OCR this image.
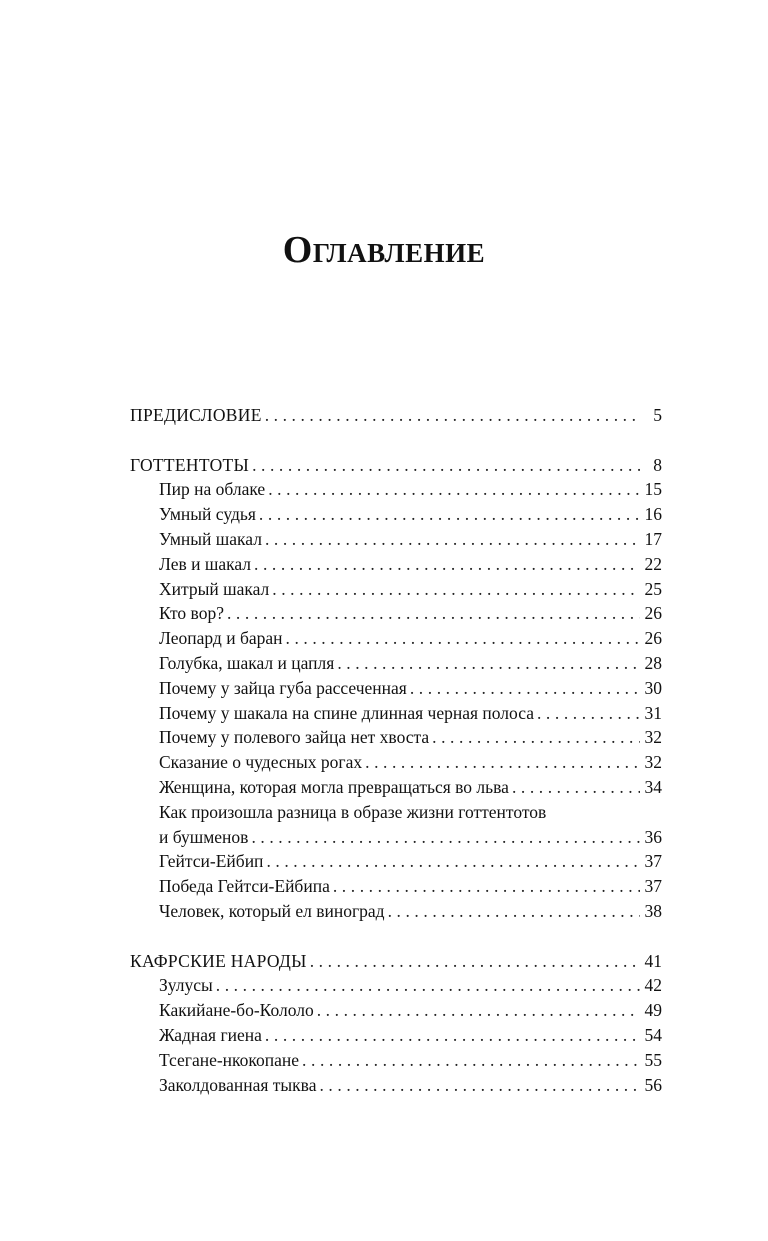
Оглавление
ПРЕДИСЛОВИЕ . . .	5
ГОТТЕНТОТЫ . . .	8
Пир на облаке . . .	15
Умный судья . . .	16
Умный шакал . . .	17
Лев и шакал . . .	22
Хитрый шакал . . .	25
Кто вор? . . .	26
Леопард и баран . . .	26
Голубка, шакал и цапля . . .	28
Почему у зайца губа рассеченная . . .	30
Почему у шакала на спине длинная черная полоса . . .	31
Почему у полевого зайца нет хвоста . . .	32
Сказание о чудесных рогах . . .	32
Женщина, которая могла превращаться во льва . . .	34
Как произошла разница в образе жизни готтентотов
и бушменов . . .	36
Гейтси-Ейбип . . .	37
Победа Гейтси-Ейбипа . . .	37
Человек, который ел виноград . . .	38
КАФРСКИЕ НАРОДЫ . . .	41
Зулусы . . .	42
Какийане-бо-Кололо . . .	49
Жадная гиена . . .	54
Тсегане-нкокопане . . .	55
Заколдованная тыква . . .	56
